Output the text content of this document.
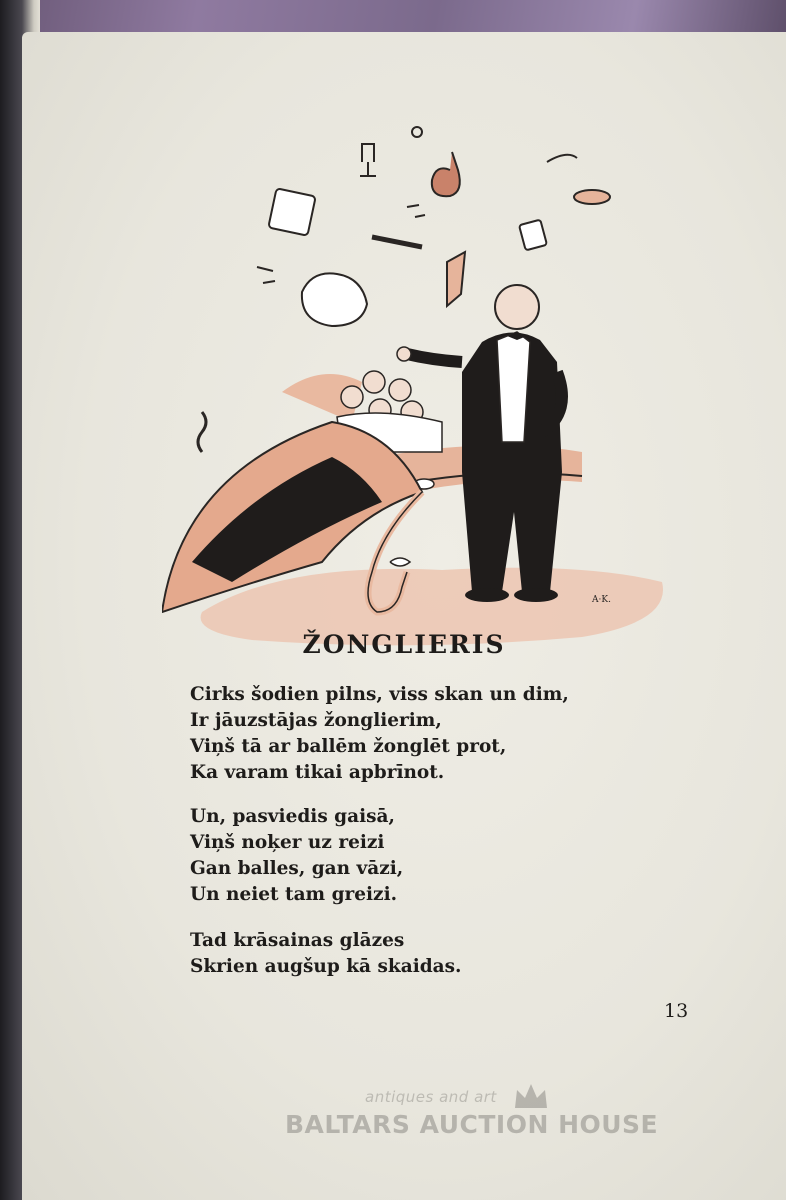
A·K.
ŽONGLIERIS
Cirks šodien pilns, viss skan un dim,
Ir jāuzstājas žonglierim,
Viņš tā ar ballēm žonglēt prot,
Ka varam tikai apbrīnot.
Un, pasviedis gaisā,
Viņš noķer uz reizi
Gan balles, gan vāzi,
Un neiet tam greizi.
Tad krāsainas glāzes
Skrien augšup kā skaidas.
13
antiques and art
BALTARS AUCTION HOUSE
